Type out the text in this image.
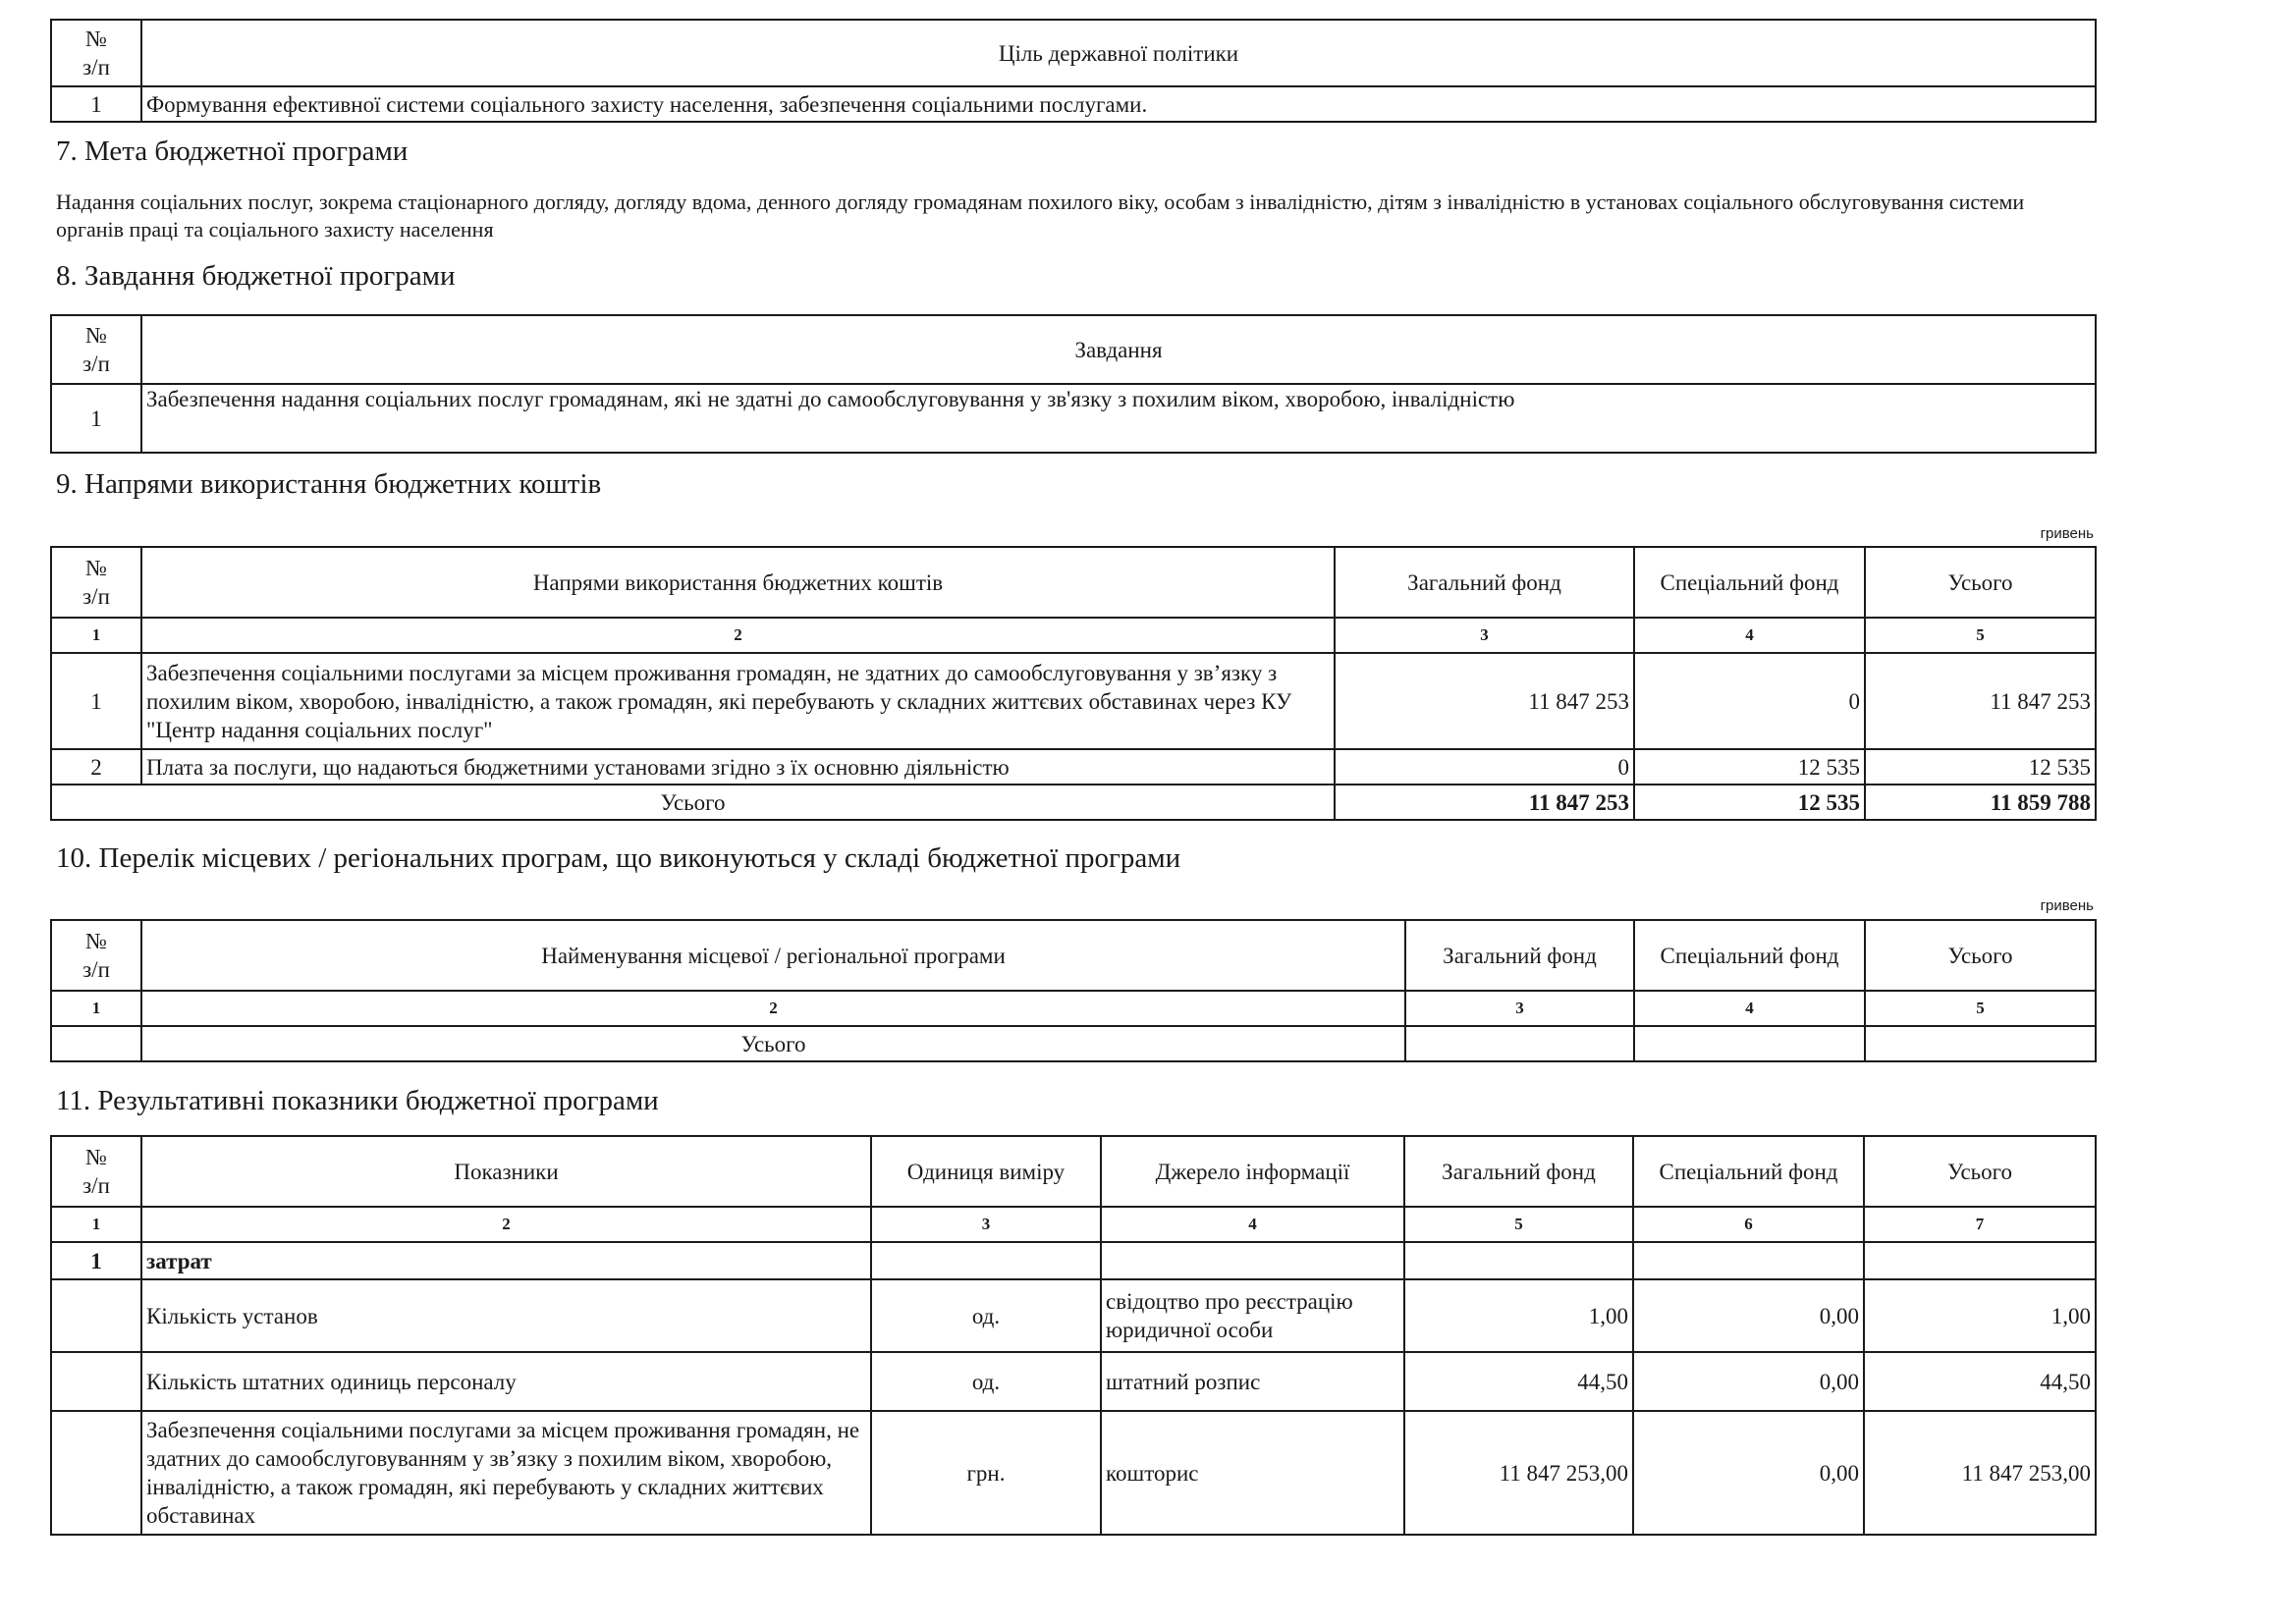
№
з/п	Ціль державної політики
1	Формування ефективної системи соціального захисту населення, забезпечення соціальними послугами.
7. Мета бюджетної програми
Надання соціальних послуг, зокрема стаціонарного догляду, догляду вдома, денного догляду громадянам похилого віку, особам з інвалідністю, дітям з інвалідністю в установах соціального обслуговування системи органів праці та соціального захисту населення
8. Завдання бюджетної програми
№
з/п	Завдання
1	Забезпечення надання соціальних послуг громадянам, які не здатні до самообслуговування у зв'язку з похилим віком, хворобою, інвалідністю
9. Напрями використання бюджетних коштів
гривень
№
з/п	Напрями використання бюджетних коштів	Загальний фонд	Спеціальний фонд	Усього
1	2	3	4	5
1	Забезпечення соціальними послугами за місцем проживання громадян, не здатних до самообслуговування у зв’язку з похилим віком, хворобою, інвалідністю, а також громадян, які перебувають у складних життєвих обставинах через КУ "Центр надання соціальних послуг"	11 847 253	0	11 847 253
2	Плата за послуги, що надаються бюджетними установами згідно з їх основню діяльністю	0	12 535	12 535
Усього		11 847 253	12 535	11 859 788
10. Перелік місцевих / регіональних програм, що виконуються у складі бюджетної програми
гривень
№
з/п	Найменування місцевої / регіональної програми	Загальний фонд	Спеціальний фонд	Усього
1	2	3	4	5
	Усього			
11. Результативні показники бюджетної програми
№
з/п	Показники	Одиниця виміру	Джерело інформації	Загальний фонд	Спеціальний фонд	Усього
1	2	3	4	5	6	7
1	затрат					
	Кількість установ	од.	свідоцтво про реєстрацію юридичної особи	1,00	0,00	1,00
	Кількість штатних одиниць персоналу	од.	штатний розпис	44,50	0,00	44,50
	Забезпечення соціальними послугами за місцем проживання громадян, не здатних до самообслуговуванням у зв’язку з похилим віком, хворобою, інвалідністю, а також громадян, які перебувають у складних життєвих обставинах	грн.	кошторис	11 847 253,00	0,00	11 847 253,00
